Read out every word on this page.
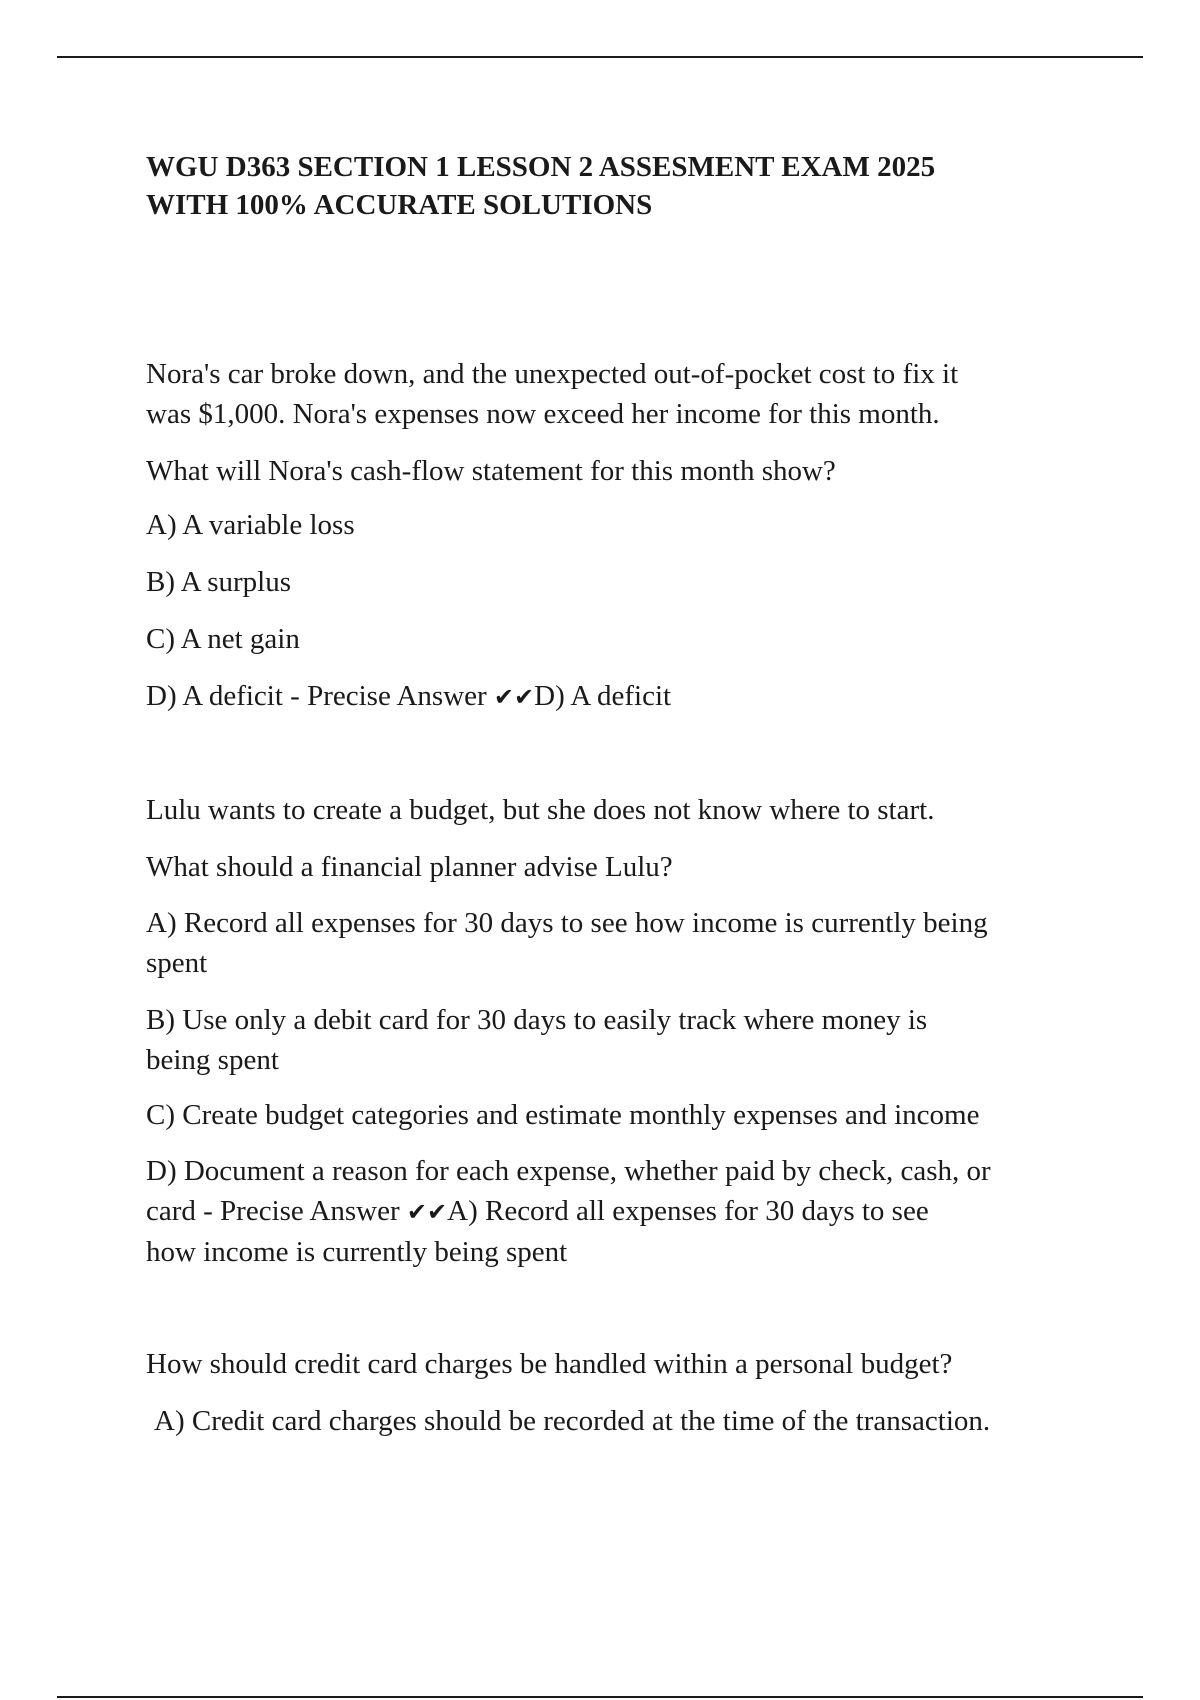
WGU D363 SECTION 1 LESSON 2 ASSESMENT EXAM 2025
WITH 100% ACCURATE SOLUTIONS

Nora's car broke down, and the unexpected out-of-pocket cost to fix it
was $1,000. Nora's expenses now exceed her income for this month.

What will Nora's cash-flow statement for this month show?

A) A variable loss

B) A surplus

C) A net gain

D) A deficit - Precise Answer ✔✔D) A deficit

Lulu wants to create a budget, but she does not know where to start.

What should a financial planner advise Lulu?

A) Record all expenses for 30 days to see how income is currently being
spent

B) Use only a debit card for 30 days to easily track where money is
being spent

C) Create budget categories and estimate monthly expenses and income

D) Document a reason for each expense, whether paid by check, cash, or
card - Precise Answer ✔✔A) Record all expenses for 30 days to see
how income is currently being spent

How should credit card charges be handled within a personal budget?

A) Credit card charges should be recorded at the time of the transaction.
